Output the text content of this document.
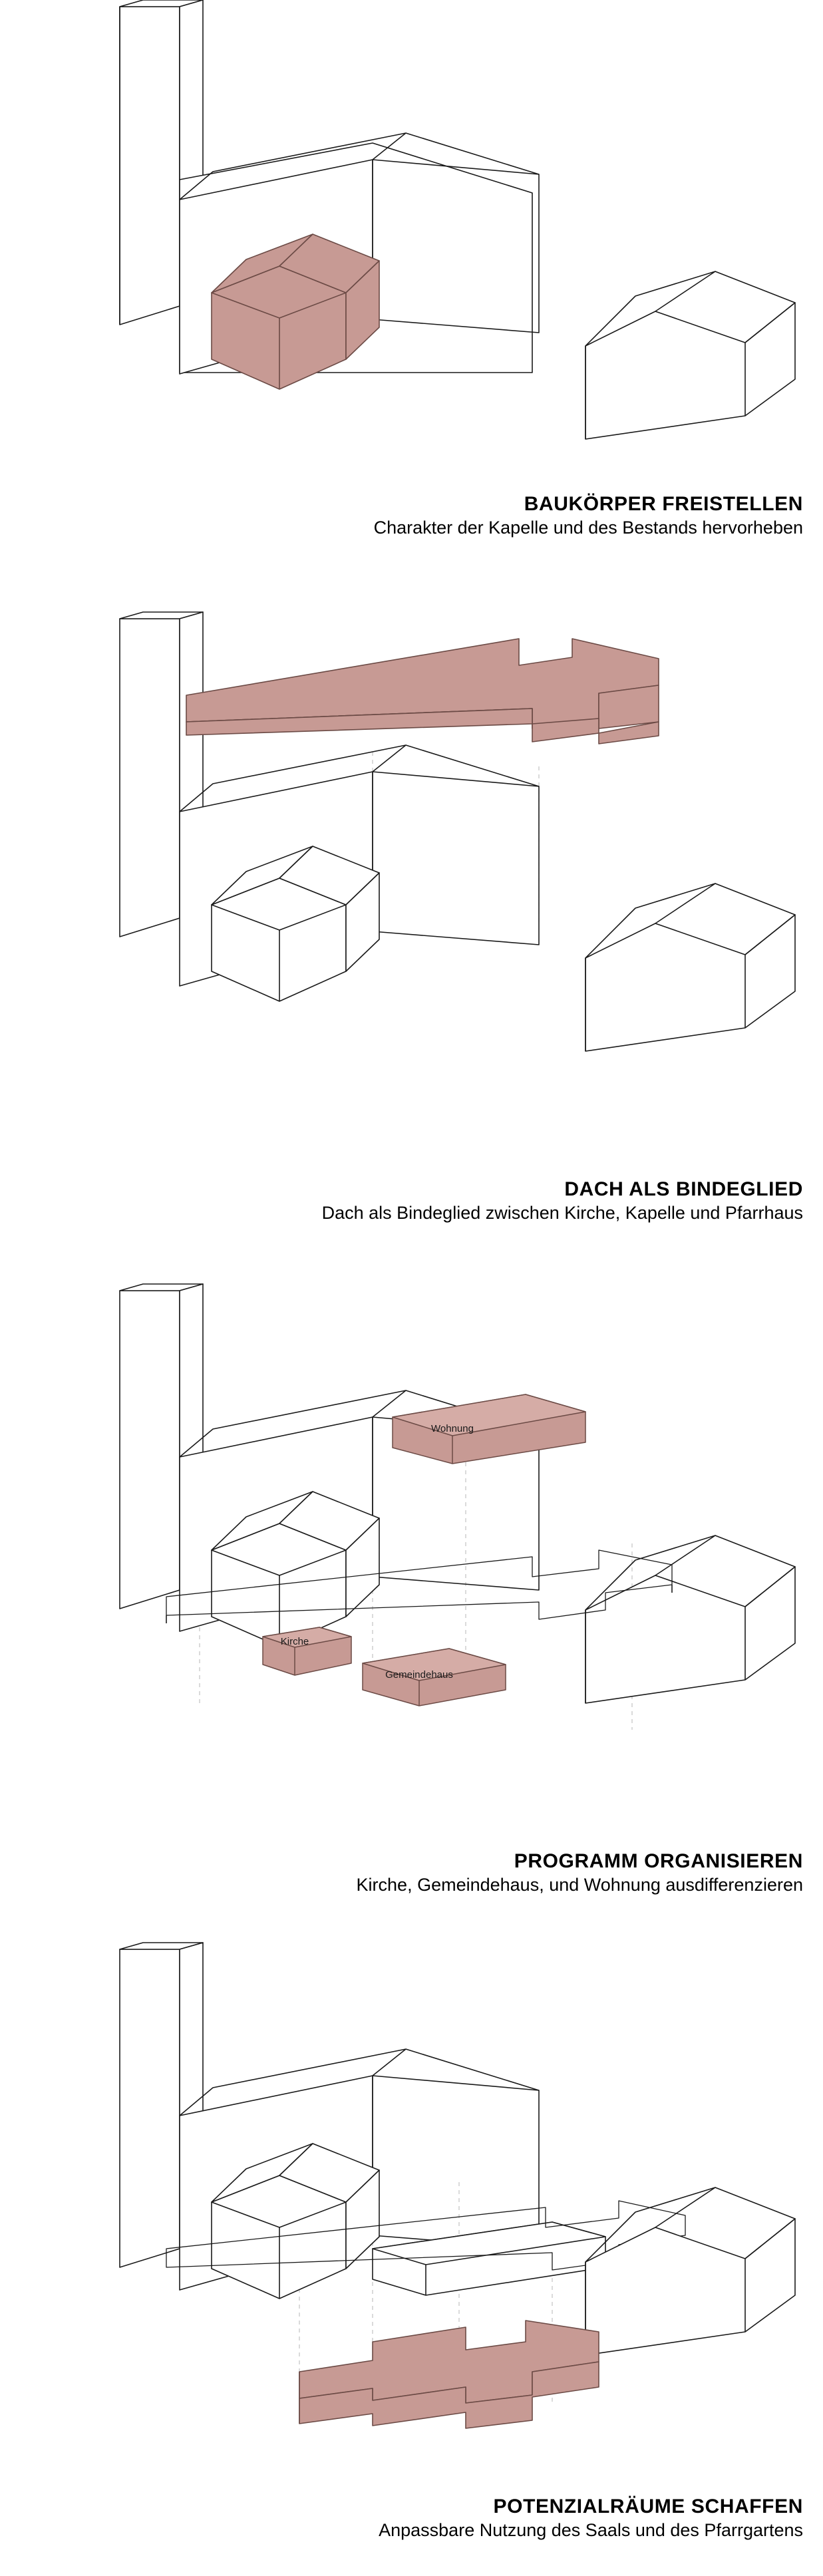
BAUKÖRPER FREISTELLEN
Charakter der Kapelle und des Bestands hervorheben
DACH ALS BINDEGLIED
Dach als Bindeglied zwischen Kirche, Kapelle und Pfarrhaus
Wohnung
Kirche
Gemeindehaus
PROGRAMM ORGANISIEREN
Kirche, Gemeindehaus, und Wohnung ausdifferenzieren
POTENZIALRÄUME SCHAFFEN
Anpassbare Nutzung des Saals und des Pfarrgartens
